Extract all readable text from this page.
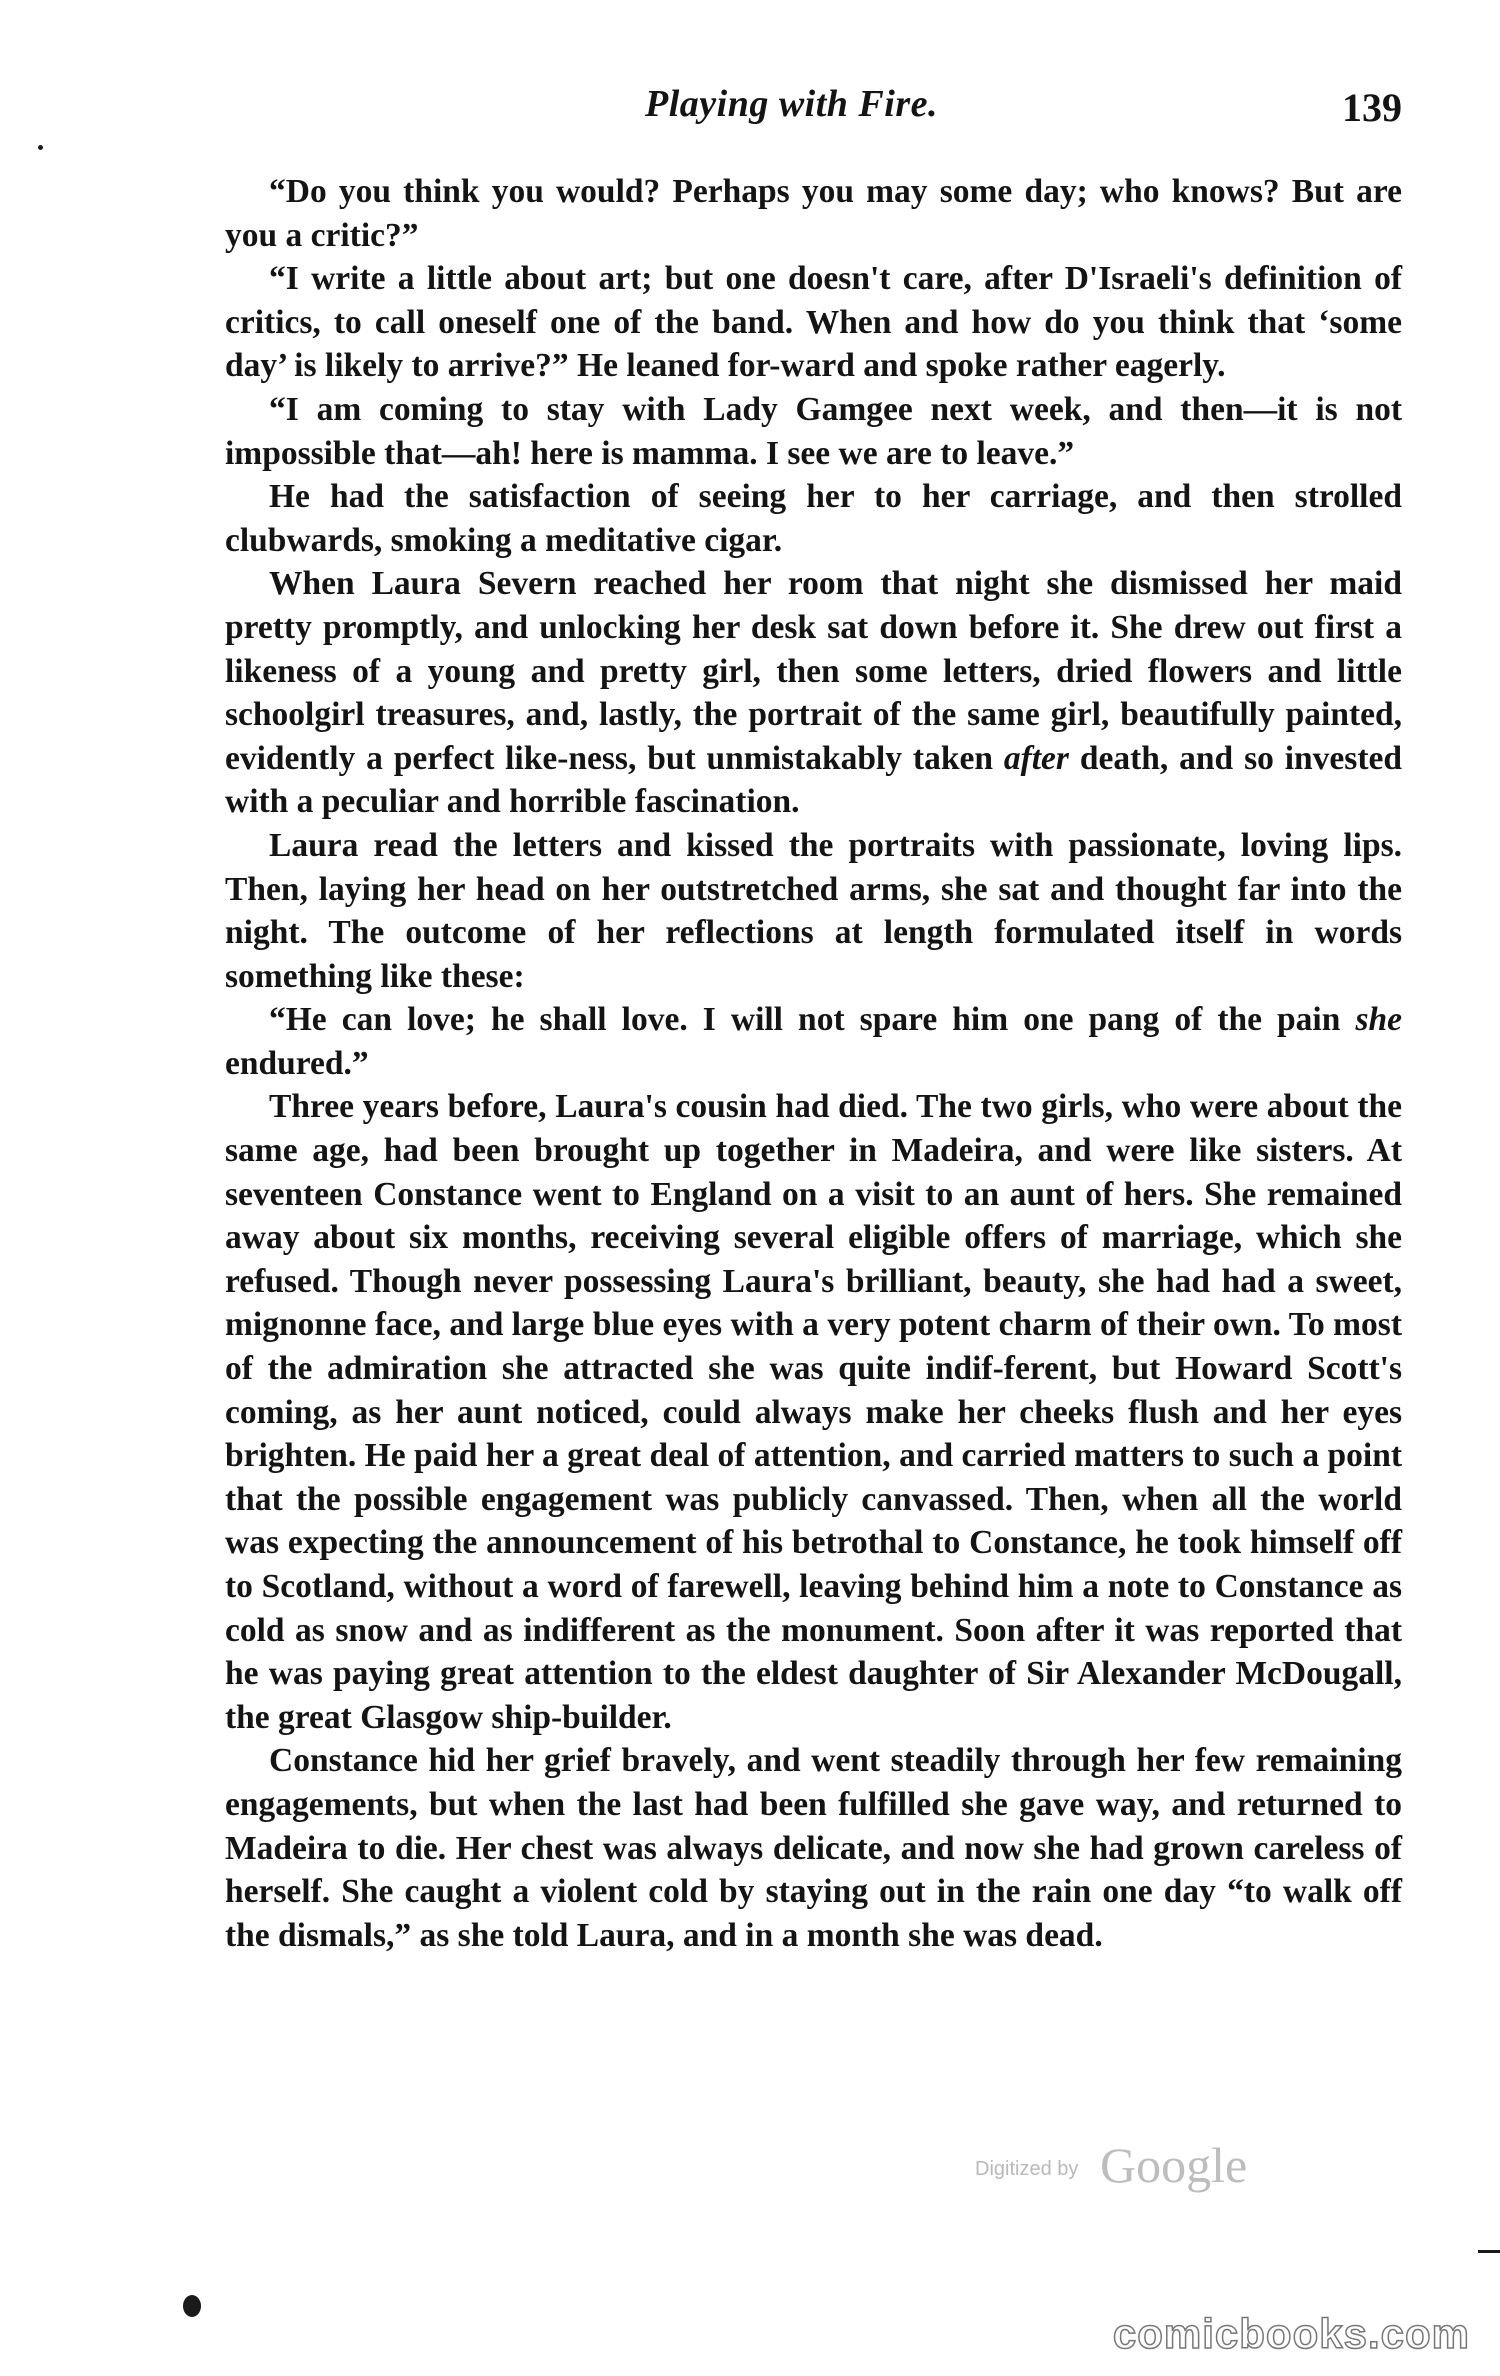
Playing with Fire.	139

“Do you think you would? Perhaps you may some day; who knows? But are you a critic?”

“I write a little about art; but one doesn't care, after D'Israeli's definition of critics, to call oneself one of the band. When and how do you think that ‘some day’ is likely to arrive?” He leaned for-ward and spoke rather eagerly.

“I am coming to stay with Lady Gamgee next week, and then—it is not impossible that—ah! here is mamma. I see we are to leave.”

He had the satisfaction of seeing her to her carriage, and then strolled clubwards, smoking a meditative cigar.

When Laura Severn reached her room that night she dismissed her maid pretty promptly, and unlocking her desk sat down before it. She drew out first a likeness of a young and pretty girl, then some letters, dried flowers and little schoolgirl treasures, and, lastly, the portrait of the same girl, beautifully painted, evidently a perfect like-ness, but unmistakably taken after death, and so invested with a peculiar and horrible fascination.

Laura read the letters and kissed the portraits with passionate, loving lips. Then, laying her head on her outstretched arms, she sat and thought far into the night. The outcome of her reflections at length formulated itself in words something like these:

“He can love; he shall love. I will not spare him one pang of the pain she endured.”

Three years before, Laura's cousin had died. The two girls, who were about the same age, had been brought up together in Madeira, and were like sisters. At seventeen Constance went to England on a visit to an aunt of hers. She remained away about six months, receiving several eligible offers of marriage, which she refused. Though never possessing Laura's brilliant, beauty, she had had a sweet, mignonne face, and large blue eyes with a very potent charm of their own. To most of the admiration she attracted she was quite indif-ferent, but Howard Scott's coming, as her aunt noticed, could always make her cheeks flush and her eyes brighten. He paid her a great deal of attention, and carried matters to such a point that the possible engagement was publicly canvassed. Then, when all the world was expecting the announcement of his betrothal to Constance, he took himself off to Scotland, without a word of farewell, leaving behind him a note to Constance as cold as snow and as indifferent as the monument. Soon after it was reported that he was paying great attention to the eldest daughter of Sir Alexander McDougall, the great Glasgow ship-builder.

Constance hid her grief bravely, and went steadily through her few remaining engagements, but when the last had been fulfilled she gave way, and returned to Madeira to die. Her chest was always delicate, and now she had grown careless of herself. She caught a violent cold by staying out in the rain one day “to walk off the dismals,” as she told Laura, and in a month she was dead.

Digitized by Google
comicbooks.com
